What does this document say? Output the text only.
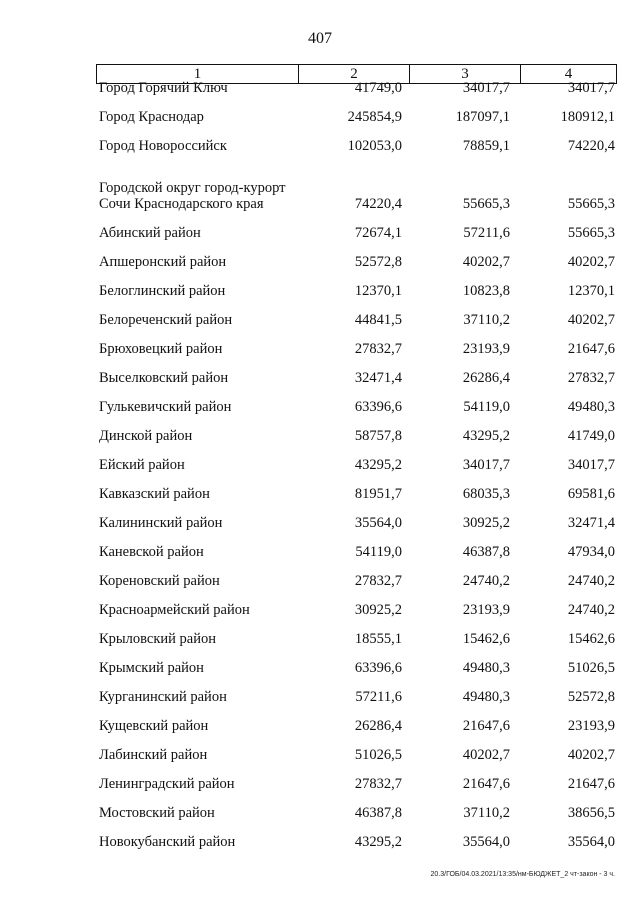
407
1	2	3	4
Город Горячий Ключ	41749,0	34017,7	34017,7
Город Краснодар	245854,9	187097,1	180912,1
Город Новороссийск	102053,0	78859,1	74220,4
Городской округ город-курорт Сочи Краснодарского края	74220,4	55665,3	55665,3
Абинский район	72674,1	57211,6	55665,3
Апшеронский район	52572,8	40202,7	40202,7
Белоглинский район	12370,1	10823,8	12370,1
Белореченский район	44841,5	37110,2	40202,7
Брюховецкий район	27832,7	23193,9	21647,6
Выселковский район	32471,4	26286,4	27832,7
Гулькевичский район	63396,6	54119,0	49480,3
Динской район	58757,8	43295,2	41749,0
Ейский район	43295,2	34017,7	34017,7
Кавказский район	81951,7	68035,3	69581,6
Калининский район	35564,0	30925,2	32471,4
Каневской район	54119,0	46387,8	47934,0
Кореновский район	27832,7	24740,2	24740,2
Красноармейский район	30925,2	23193,9	24740,2
Крыловский район	18555,1	15462,6	15462,6
Крымский район	63396,6	49480,3	51026,5
Курганинский район	57211,6	49480,3	52572,8
Кущевский район	26286,4	21647,6	23193,9
Лабинский район	51026,5	40202,7	40202,7
Ленинградский район	27832,7	21647,6	21647,6
Мостовский район	46387,8	37110,2	38656,5
Новокубанский район	43295,2	35564,0	35564,0
20.3/ГОБ/04.03.2021/13:35/нм-БЮДЖЕТ_2 чт-закон - 3 ч.
